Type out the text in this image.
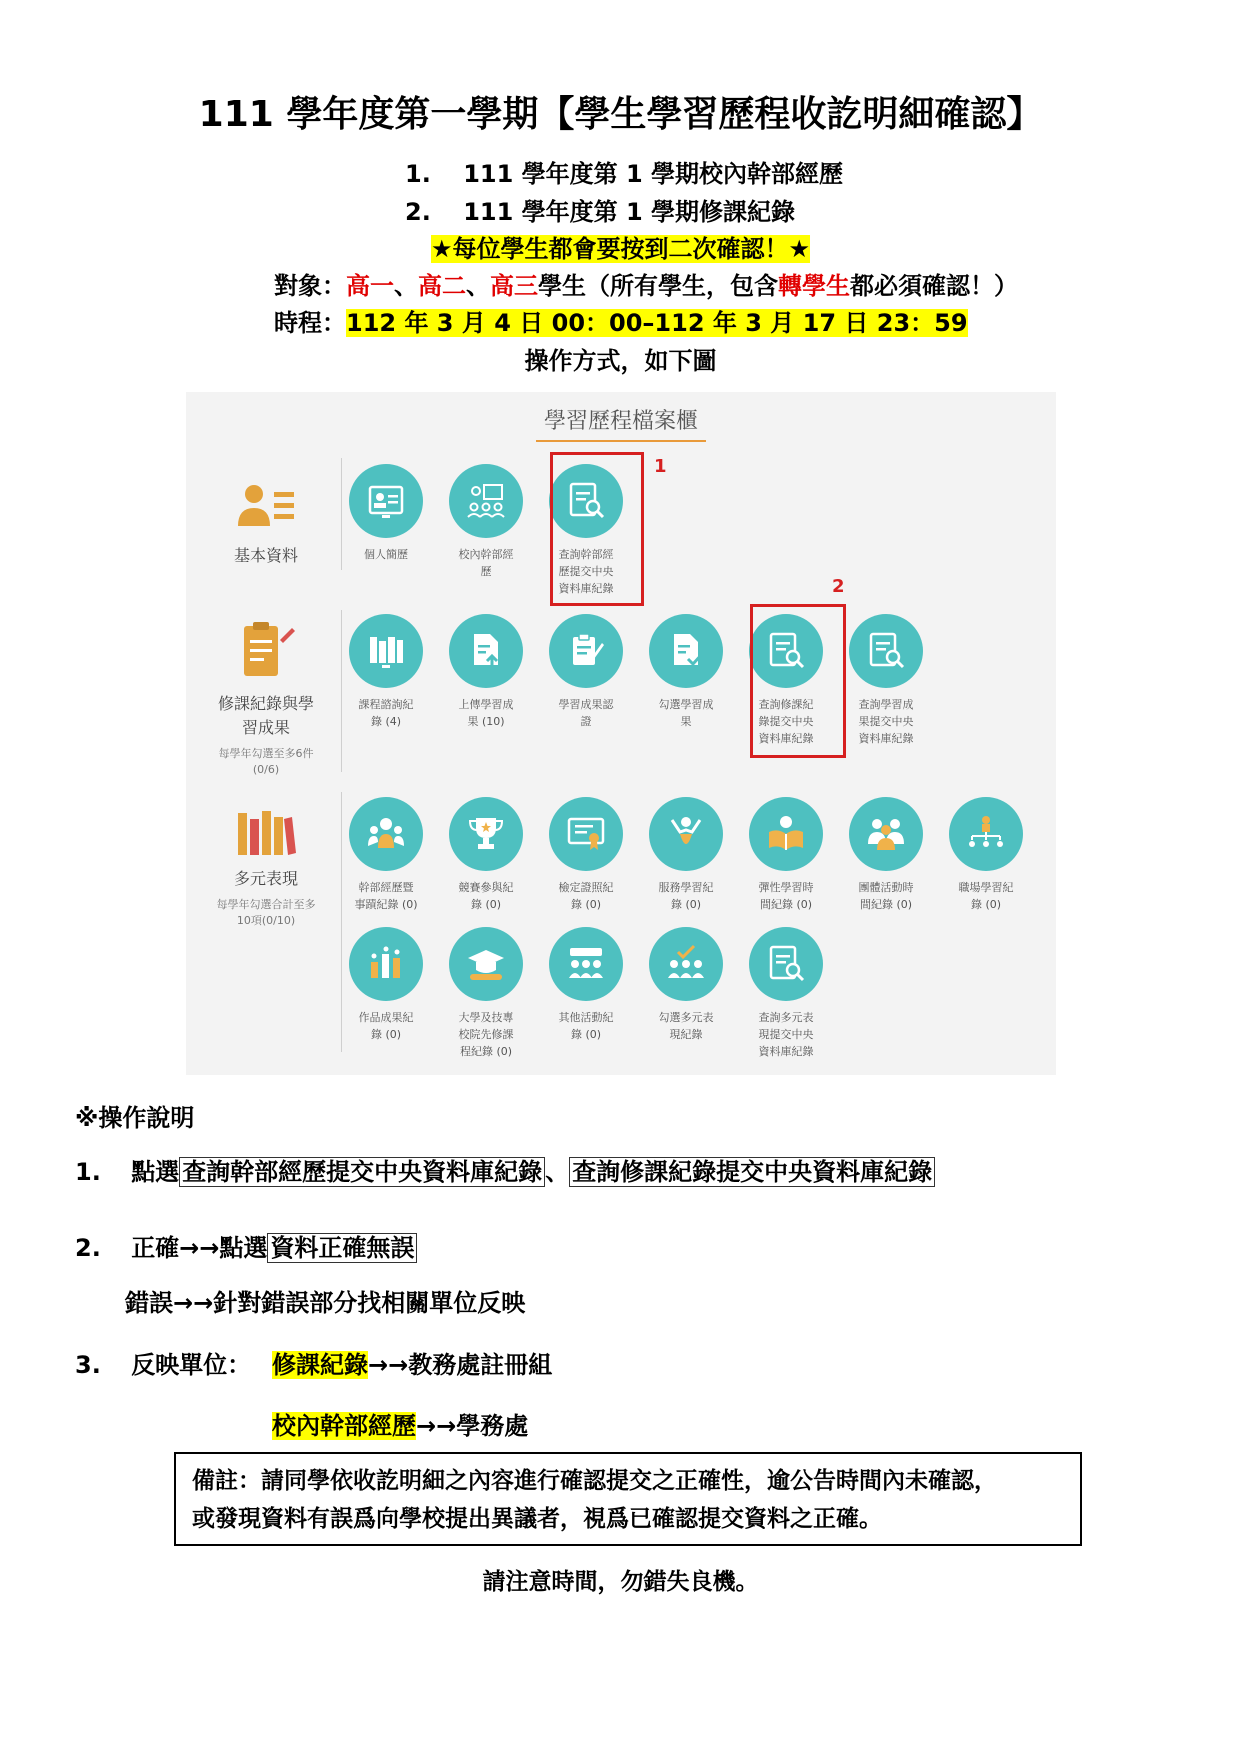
111 學年度第一學期【學生學習歷程收訖明細確認】
1. 111 學年度第 1 學期校內幹部經歷
2. 111 學年度第 1 學期修課紀錄
★每位學生都會要按到二次確認！★
對象：高一、高二、高三學生（所有學生，包含轉學生都必須確認！）
時程：112 年 3 月 4 日 00：00–112 年 3 月 17 日 23：59
操作方式，如下圖
學習歷程檔案櫃
基本資料
修課紀錄與學
習成果
每學年勾選至多6件
(0/6)
多元表現
每學年勾選合計至多
10項(0/10)
個人簡歷	校內幹部經
歷
查詢幹部經
歷提交中央
資料庫紀錄
課程諮詢紀
錄 (4)
上傳學習成
果 (10)
學習成果認
證
勾選學習成
果
查詢修課紀
錄提交中央
資料庫紀錄
查詢學習成
果提交中央
資料庫紀錄
幹部經歷暨
事蹟紀錄 (0)
競賽參與紀
錄 (0)
檢定證照紀
錄 (0)
服務學習紀
錄 (0)
彈性學習時
間紀錄 (0)
團體活動時
間紀錄 (0)
職場學習紀
錄 (0)
作品成果紀
錄 (0)
大學及技專
校院先修課
程紀錄 (0)
其他活動紀
錄 (0)
勾選多元表
現紀錄
查詢多元表
現提交中央
資料庫紀錄
1
2
※操作說明
1. 點選 查詢幹部經歷提交中央資料庫紀錄 、 查詢修課紀錄提交中央資料庫紀錄
2. 正確→→點選 資料正確無誤
錯誤→→針對錯誤部分找相關單位反映
3. 反映單位： 修課紀錄→→教務處註冊組
校內幹部經歷→→學務處
備註：請同學依收訖明細之內容進行確認提交之正確性，逾公告時間內未確認，
或發現資料有誤爲向學校提出異議者，視爲已確認提交資料之正確。
請注意時間，勿錯失良機。
